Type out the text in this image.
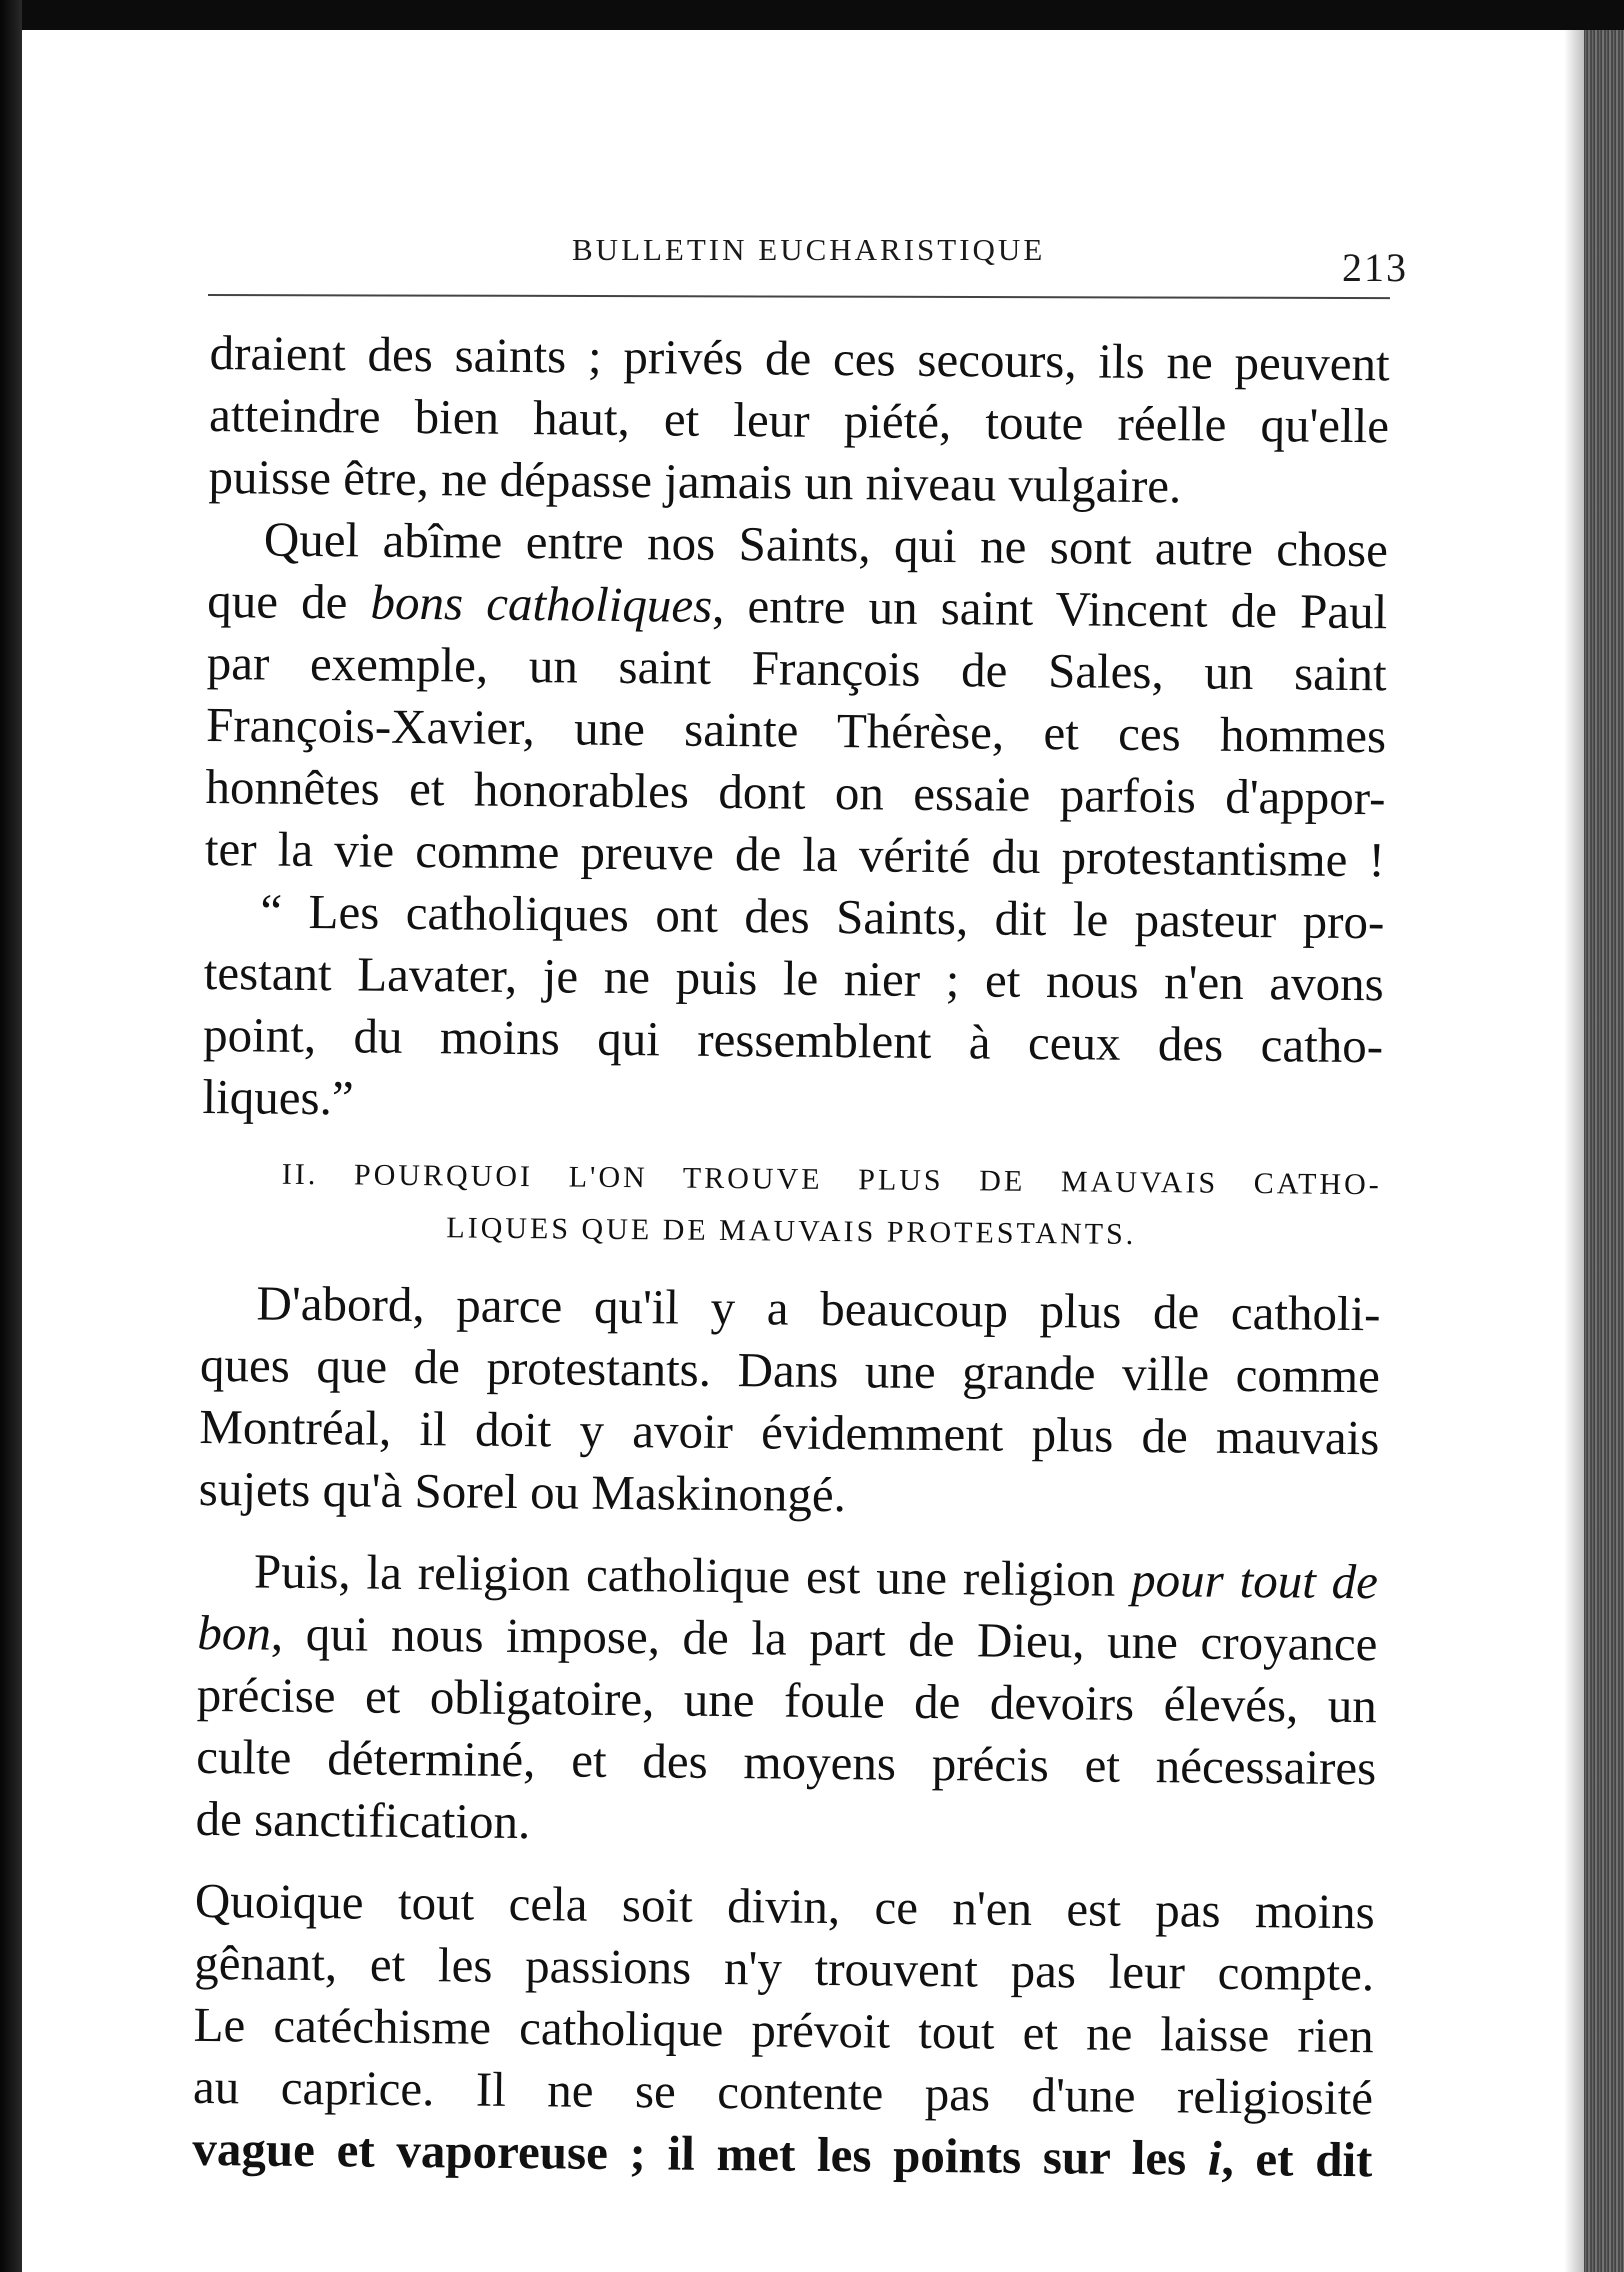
BULLETIN EUCHARISTIQUE	213
draient des saints ; privés de ces secours, ils ne peuvent
atteindre bien haut, et leur piété, toute réelle qu'elle
puisse être, ne dépasse jamais un niveau vulgaire.
Quel abîme entre nos Saints, qui ne sont autre chose
que de bons catholiques, entre un saint Vincent de Paul
par exemple, un saint François de Sales, un saint
François-Xavier, une sainte Thérèse, et ces hommes
honnêtes et honorables dont on essaie parfois d'appor-
ter la vie comme preuve de la vérité du protestantisme !
“ Les catholiques ont des Saints, dit le pasteur pro-
testant Lavater, je ne puis le nier ; et nous n'en avons
point, du moins qui ressemblent à ceux des catho-
liques.”
II. POURQUOI L'ON TROUVE PLUS DE MAUVAIS CATHO-
LIQUES QUE DE MAUVAIS PROTESTANTS.
D'abord, parce qu'il y a beaucoup plus de catholi-
ques que de protestants. Dans une grande ville comme
Montréal, il doit y avoir évidemment plus de mauvais
sujets qu'à Sorel ou Maskinongé.
Puis, la religion catholique est une religion pour tout de
bon, qui nous impose, de la part de Dieu, une croyance
précise et obligatoire, une foule de devoirs élevés, un
culte déterminé, et des moyens précis et nécessaires
de sanctification.
Quoique tout cela soit divin, ce n'en est pas moins
gênant, et les passions n'y trouvent pas leur compte.
Le catéchisme catholique prévoit tout et ne laisse rien
au caprice. Il ne se contente pas d'une religiosité
vague et vaporeuse ; il met les points sur les i, et dit
